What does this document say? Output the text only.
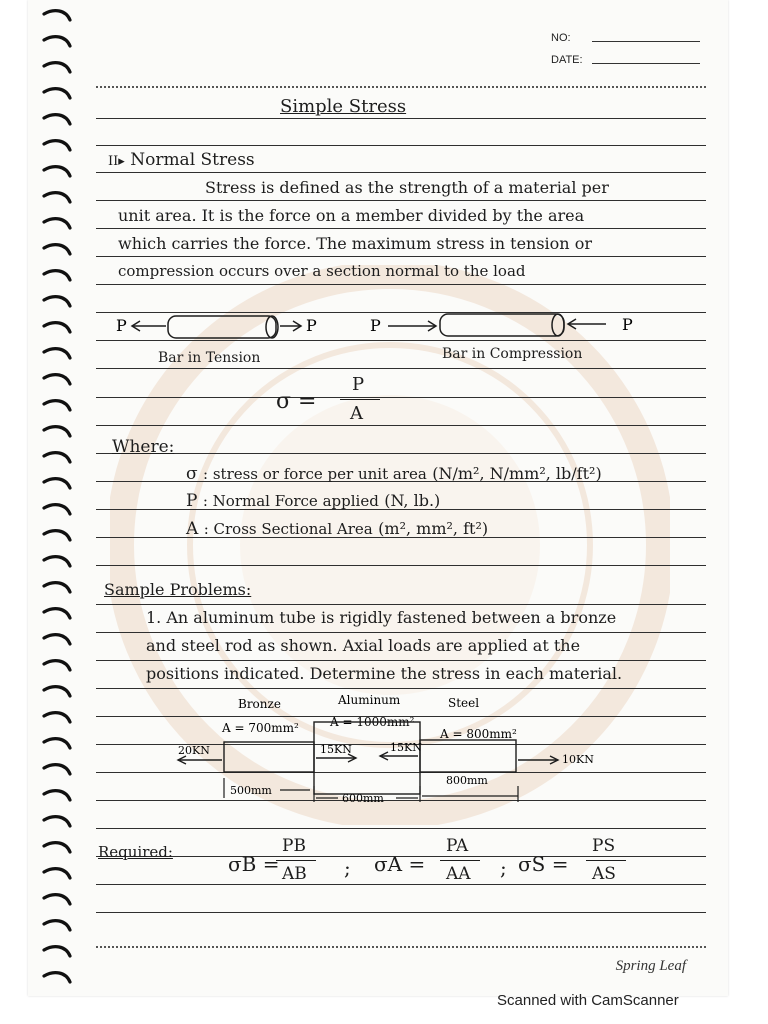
NO:
DATE:
Simple Stress
II▸ Normal Stress
Stress is defined as the strength of a material per
unit area. It is the force on a member divided by the area
which carries the force. The maximum stress in tension or
compression occurs over a section normal to the load
P	P	P	P
Bar in Tension	Bar in Compression
σ =
P
A
Where:
σ : stress or force per unit area (N/m², N/mm², lb/ft²)
P : Normal Force applied (N, lb.)
A : Cross Sectional Area (m², mm², ft²)
Sample Problems:
1. An aluminum tube is rigidly fastened between a bronze
and steel rod as shown. Axial loads are applied at the
positions indicated. Determine the stress in each material.
Bronze	Aluminum	Steel
A = 700mm²	A = 1000mm²
A = 800mm²
20KN	15KN	15KN
10KN
500mm
600mm
800mm
Required:	σB =
PB
AB ; σA =
PA
AA ; σS =
PS
AS
Spring Leaf
Scanned with CamScanner
